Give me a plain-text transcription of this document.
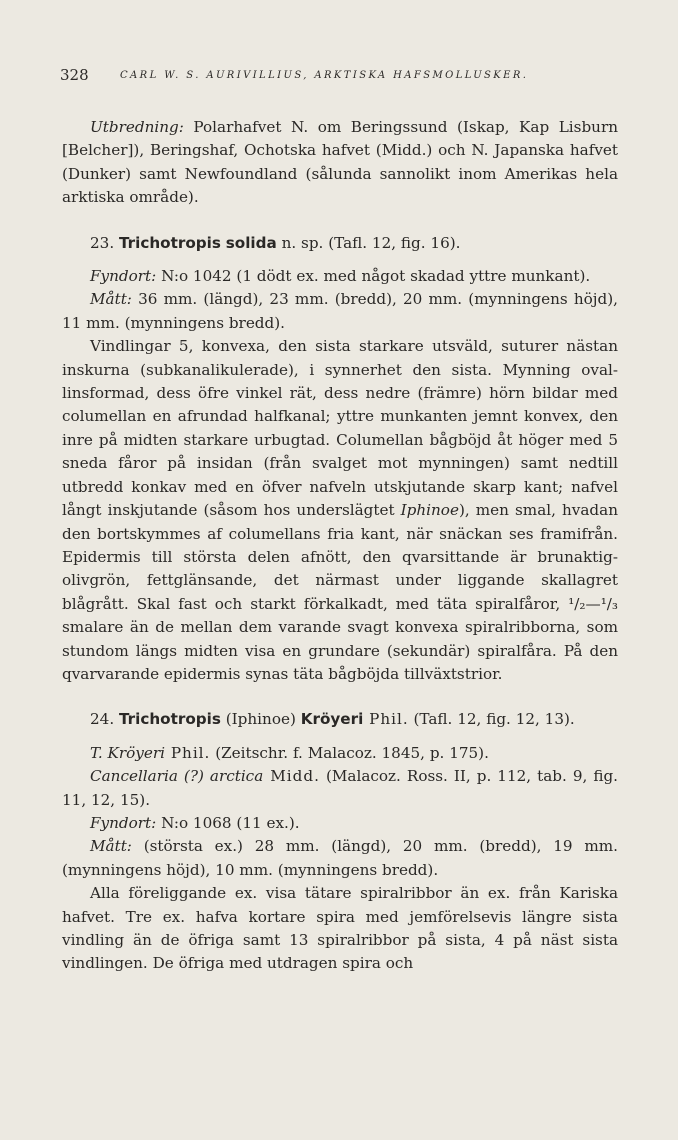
328	CARL W. S. AURIVILLIUS, ARKTISKA HAFSMOLLUSKER.

Utbredning: Polarhafvet N. om Beringssund (Iskap, Kap Lisburn [Belcher]), Beringshaf, Ochotska hafvet (Midd.) och N. Japanska hafvet (Dunker) samt Newfoundland (sålunda sannolikt inom Amerikas hela arktiska område).

23. Trichotropis solida n. sp. (Tafl. 12, fig. 16).

Fyndort: N:o 1042 (1 dödt ex. med något skadad yttre munkant).

Mått: 36 mm. (längd), 23 mm. (bredd), 20 mm. (mynningens höjd), 11 mm. (mynningens bredd).

Vindlingar 5, konvexa, den sista starkare utsväld, suturer nästan inskurna (subkanalikulerade), i synnerhet den sista. Mynning oval-linsformad, dess öfre vinkel rät, dess nedre (främre) hörn bildar med columellan en afrundad halfkanal; yttre munkanten jemnt konvex, den inre på midten starkare urbugtad. Columellan bågböjd åt höger med 5 sneda fåror på insidan (från svalget mot mynningen) samt nedtill utbredd konkav med en öfver nafveln utskjutande skarp kant; nafvel långt inskjutande (såsom hos underslägtet Iphinoe), men smal, hvadan den bortskymmes af columellans fria kant, när snäckan ses framifrån. Epidermis till största delen afnött, den qvarsittande är brunaktig-olivgrön, fettglänsande, det närmast under liggande skallagret blågrått. Skal fast och starkt förkalkadt, med täta spiralfåror, ¹/₂—¹/₃ smalare än de mellan dem varande svagt konvexa spiralribborna, som stundom längs midten visa en grundare (sekundär) spiralfåra. På den qvarvarande epidermis synas täta bågböjda tillväxtstrior.

24. Trichotropis (Iphinoe) Kröyeri Phil. (Tafl. 12, fig. 12, 13).

T. Kröyeri Phil. (Zeitschr. f. Malacoz. 1845, p. 175).

Cancellaria (?) arctica Midd. (Malacoz. Ross. II, p. 112, tab. 9, fig. 11, 12, 15).

Fyndort: N:o 1068 (11 ex.).

Mått: (största ex.) 28 mm. (längd), 20 mm. (bredd), 19 mm. (mynningens höjd), 10 mm. (mynningens bredd).

Alla föreliggande ex. visa tätare spiralribbor än ex. från Kariska hafvet. Tre ex. hafva kortare spira med jemförelsevis längre sista vindling än de öfriga samt 13 spiralribbor på sista, 4 på näst sista vindlingen. De öfriga med utdragen spira och
